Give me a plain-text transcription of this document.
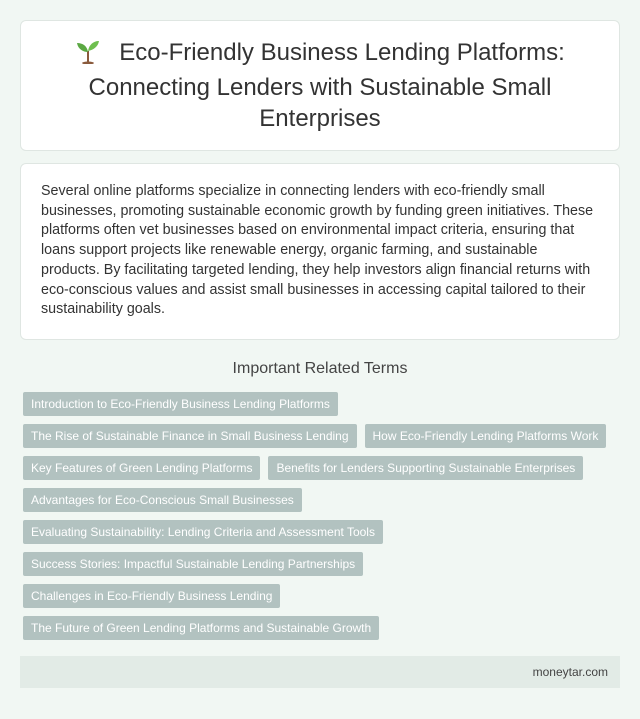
Eco-Friendly Business Lending Platforms: Connecting Lenders with Sustainable Small Enterprises

Several online platforms specialize in connecting lenders with eco-friendly small businesses, promoting sustainable economic growth by funding green initiatives. These platforms often vet businesses based on environmental impact criteria, ensuring that loans support projects like renewable energy, organic farming, and sustainable products. By facilitating targeted lending, they help investors align financial returns with eco-conscious values and assist small businesses in accessing capital tailored to their sustainability goals.

Important Related Terms
Introduction to Eco-Friendly Business Lending Platforms
The Rise of Sustainable Finance in Small Business Lending	How Eco-Friendly Lending Platforms Work
Key Features of Green Lending Platforms	Benefits for Lenders Supporting Sustainable Enterprises
Advantages for Eco-Conscious Small Businesses
Evaluating Sustainability: Lending Criteria and Assessment Tools
Success Stories: Impactful Sustainable Lending Partnerships
Challenges in Eco-Friendly Business Lending
The Future of Green Lending Platforms and Sustainable Growth
moneytar.com
